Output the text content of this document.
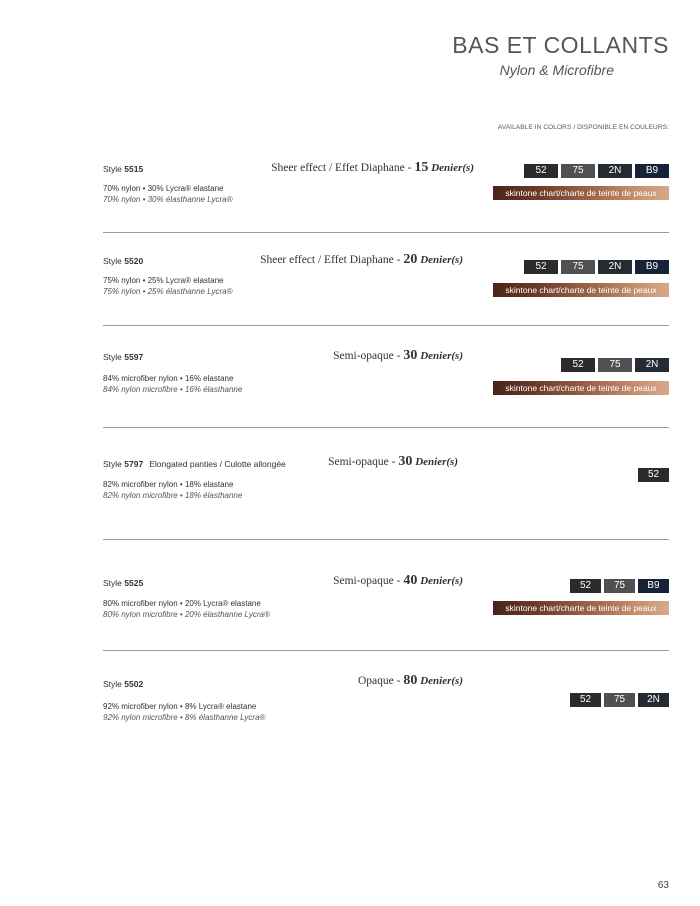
BAS ET COLLANTS
Nylon & Microfibre
AVAILABLE IN COLORS / DISPONIBLE EN COULEURS:
Style 5515
70% nylon • 30% Lycra® elastane
70% nylon • 30% élasthanne Lycra®
Sheer effect / Effet Diaphane - 15 Denier(s)	52	75	2N	B9
skintone chart/charte de teinte de peaux
Style 5520
75% nylon • 25% Lycra® elastane
75% nylon • 25% élasthanne Lycra®
Sheer effect / Effet Diaphane - 20 Denier(s)
52	75	2N	B9
skintone chart/charte de teinte de peaux
Style 5597
84% microfiber nylon • 16% elastane
84% nylon microfibre • 16% élasthanne
Semi-opaque - 30 Denier(s)
52	75	2N
skintone chart/charte de teinte de peaux
Style 5797 Elongated panties / Culotte allongée
82% microfiber nylon • 18% elastane
82% nylon microfibre • 18% élasthanne
Semi-opaque - 30 Denier(s)
52
Style 5525
80% microfiber nylon • 20% Lycra® elastane
80% nylon microfibre • 20% élasthanne Lycra®
Semi-opaque - 40 Denier(s)	52	75	B9
skintone chart/charte de teinte de peaux
Style 5502
92% microfiber nylon • 8% Lycra® elastane
92% nylon microfibre • 8% élasthanne Lycra®
Opaque - 80 Denier(s)
52	75	2N
63
